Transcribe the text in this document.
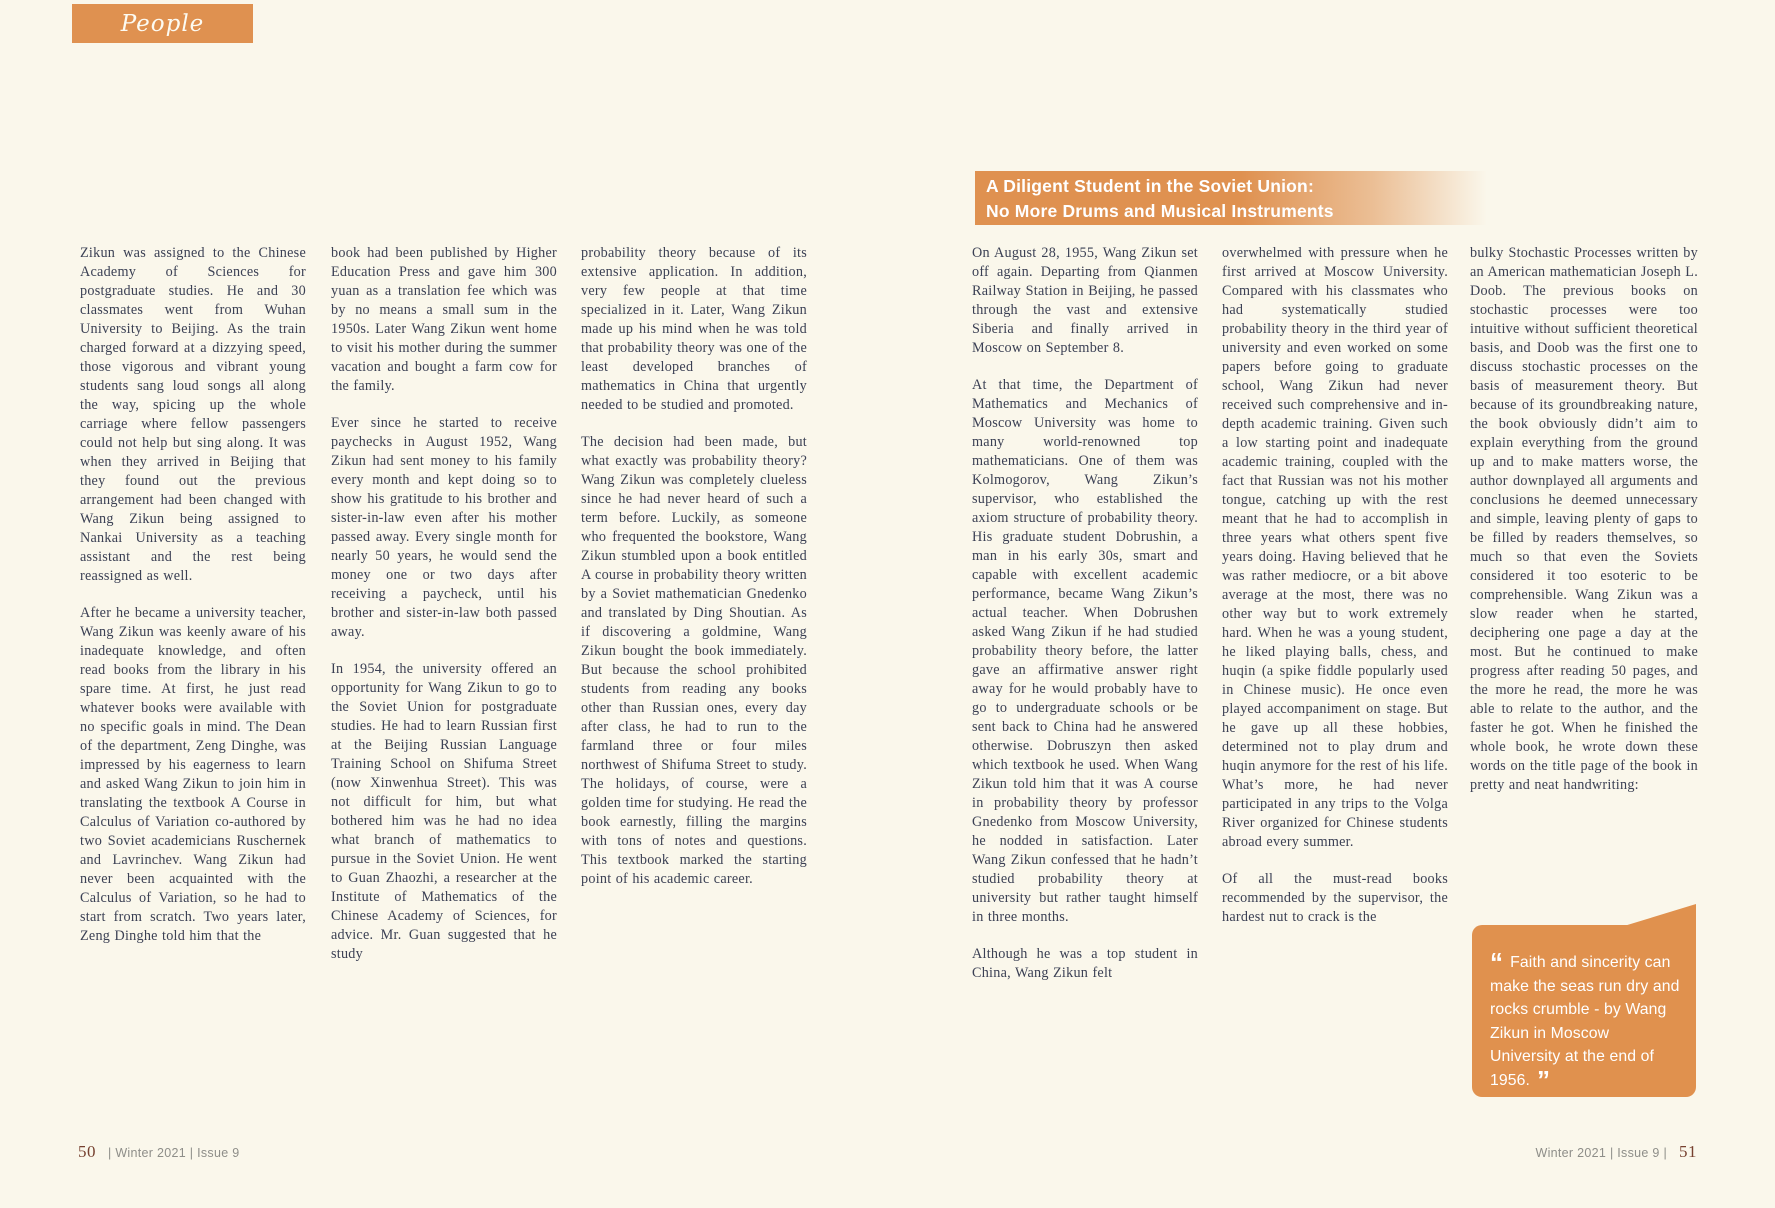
People
A Diligent Student in the Soviet Union:
No More Drums and Musical Instruments

Zikun was assigned to the Chinese Academy of Sciences for postgraduate studies. He and 30 classmates went from Wuhan University to Beijing. As the train charged forward at a dizzying speed, those vigorous and vibrant young students sang loud songs all along the way, spicing up the whole carriage where fellow passengers could not help but sing along. It was when they arrived in Beijing that they found out the previous arrangement had been changed with Wang Zikun being assigned to Nankai University as a teaching assistant and the rest being reassigned as well.

After he became a university teacher, Wang Zikun was keenly aware of his inadequate knowledge, and often read books from the library in his spare time. At first, he just read whatever books were available with no specific goals in mind. The Dean of the department, Zeng Dinghe, was impressed by his eagerness to learn and asked Wang Zikun to join him in translating the textbook A Course in Calculus of Variation co-authored by two Soviet academicians Ruschernek and Lavrinchev. Wang Zikun had never been acquainted with the Calculus of Variation, so he had to start from scratch. Two years later, Zeng Dinghe told him that the

book had been published by Higher Education Press and gave him 300 yuan as a translation fee which was by no means a small sum in the 1950s. Later Wang Zikun went home to visit his mother during the summer vacation and bought a farm cow for the family.

Ever since he started to receive paychecks in August 1952, Wang Zikun had sent money to his family every month and kept doing so to show his gratitude to his brother and sister-in-law even after his mother passed away. Every single month for nearly 50 years, he would send the money one or two days after receiving a paycheck, until his brother and sister-in-law both passed away.

In 1954, the university offered an opportunity for Wang Zikun to go to the Soviet Union for postgraduate studies. He had to learn Russian first at the Beijing Russian Language Training School on Shifuma Street (now Xinwenhua Street). This was not difficult for him, but what bothered him was he had no idea what branch of mathematics to pursue in the Soviet Union. He went to Guan Zhaozhi, a researcher at the Institute of Mathematics of the Chinese Academy of Sciences, for advice. Mr. Guan suggested that he study

probability theory because of its extensive application. In addition, very few people at that time specialized in it. Later, Wang Zikun made up his mind when he was told that probability theory was one of the least developed branches of mathematics in China that urgently needed to be studied and promoted.

The decision had been made, but what exactly was probability theory? Wang Zikun was completely clueless since he had never heard of such a term before. Luckily, as someone who frequented the bookstore, Wang Zikun stumbled upon a book entitled A course in probability theory written by a Soviet mathematician Gnedenko and translated by Ding Shoutian. As if discovering a goldmine, Wang Zikun bought the book immediately. But because the school prohibited students from reading any books other than Russian ones, every day after class, he had to run to the farmland three or four miles northwest of Shifuma Street to study. The holidays, of course, were a golden time for studying. He read the book earnestly, filling the margins with tons of notes and questions. This textbook marked the starting point of his academic career.

On August 28, 1955, Wang Zikun set off again. Departing from Qianmen Railway Station in Beijing, he passed through the vast and extensive Siberia and finally arrived in Moscow on September 8.

At that time, the Department of Mathematics and Mechanics of Moscow University was home to many world-renowned top mathematicians. One of them was Kolmogorov, Wang Zikun’s supervisor, who established the axiom structure of probability theory. His graduate student Dobrushin, a man in his early 30s, smart and capable with excellent academic performance, became Wang Zikun’s actual teacher. When Dobrushen asked Wang Zikun if he had studied probability theory before, the latter gave an affirmative answer right away for he would probably have to go to undergraduate schools or be sent back to China had he answered otherwise. Dobruszyn then asked which textbook he used. When Wang Zikun told him that it was A course in probability theory by professor Gnedenko from Moscow University, he nodded in satisfaction. Later Wang Zikun confessed that he hadn’t studied probability theory at university but rather taught himself in three months.

Although he was a top student in China, Wang Zikun felt

overwhelmed with pressure when he first arrived at Moscow University. Compared with his classmates who had systematically studied probability theory in the third year of university and even worked on some papers before going to graduate school, Wang Zikun had never received such comprehensive and in-depth academic training. Given such a low starting point and inadequate academic training, coupled with the fact that Russian was not his mother tongue, catching up with the rest meant that he had to accomplish in three years what others spent five years doing. Having believed that he was rather mediocre, or a bit above average at the most, there was no other way but to work extremely hard. When he was a young student, he liked playing balls, chess, and huqin (a spike fiddle popularly used in Chinese music). He once even played accompaniment on stage. But he gave up all these hobbies, determined not to play drum and huqin anymore for the rest of his life. What’s more, he had never participated in any trips to the Volga River organized for Chinese students abroad every summer.

Of all the must-read books recommended by the supervisor, the hardest nut to crack is the

bulky Stochastic Processes written by an American mathematician Joseph L. Doob. The previous books on stochastic processes were too intuitive without sufficient theoretical basis, and Doob was the first one to discuss stochastic processes on the basis of measurement theory. But because of its groundbreaking nature, the book obviously didn’t aim to explain everything from the ground up and to make matters worse, the author downplayed all arguments and conclusions he deemed unnecessary and simple, leaving plenty of gaps to be filled by readers themselves, so much so that even the Soviets considered it too esoteric to be comprehensible. Wang Zikun was a slow reader when he started, deciphering one page a day at the most. But he continued to make progress after reading 50 pages, and the more he read, the more he was able to relate to the author, and the faster he got. When he finished the whole book, he wrote down these words on the title page of the book in pretty and neat handwriting:

“ Faith and sincerity can make the seas run dry and rocks crumble - by Wang Zikun in Moscow University at the end of 1956. ”

50 | Winter 2021 | Issue 9	Winter 2021 | Issue 9 | 51
